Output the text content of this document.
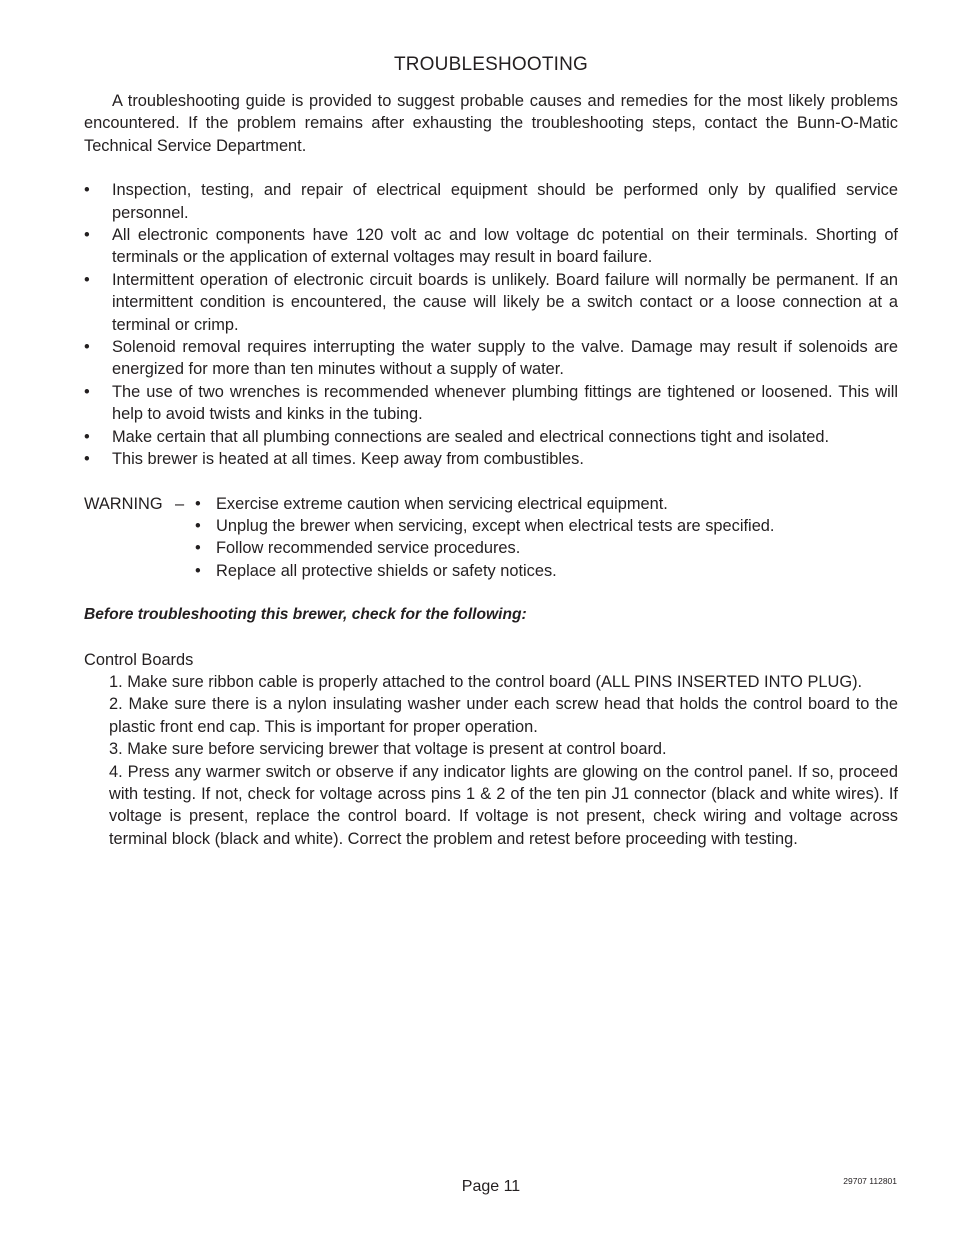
TROUBLESHOOTING

A troubleshooting guide is provided to suggest probable causes and remedies for the most likely problems encountered. If the problem remains after exhausting the troubleshooting steps, contact the Bunn-O-Matic Technical Service Department.

• Inspection, testing, and repair of electrical equipment should be performed only by qualified service personnel.
• All electronic components have 120 volt ac and low voltage dc potential on their terminals. Shorting of terminals or the application of external voltages may result in board failure.
• Intermittent operation of electronic circuit boards is unlikely. Board failure will normally be permanent. If an intermittent condition is encountered, the cause will likely be a switch contact or a loose connection at a terminal or crimp.
• Solenoid removal requires interrupting the water supply to the valve. Damage may result if solenoids are energized for more than ten minutes without a supply of water.
• The use of two wrenches is recommended whenever plumbing fittings are tightened or loosened. This will help to avoid twists and kinks in the tubing.
• Make certain that all plumbing connections are sealed and electrical connections tight and isolated.
• This brewer is heated at all times. Keep away from combustibles.
WARNING – • Exercise extreme caution when servicing electrical equipment.
• Unplug the brewer when servicing, except when electrical tests are specified.
• Follow recommended service procedures.
• Replace all protective shields or safety notices.

Before troubleshooting this brewer, check for the following:

Control Boards

1. Make sure ribbon cable is properly attached to the control board (ALL PINS INSERTED INTO PLUG).
2. Make sure there is a nylon insulating washer under each screw head that holds the control board to the plastic front end cap. This is important for proper operation.
3. Make sure before servicing brewer that voltage is present at control board.
4. Press any warmer switch or observe if any indicator lights are glowing on the control panel. If so, proceed with testing. If not, check for voltage across pins 1 & 2 of the ten pin J1 connector (black and white wires). If voltage is present, replace the control board. If voltage is not present, check wiring and voltage across terminal block (black and white). Correct the problem and retest before proceeding with testing.
Page 11	29707 112801
